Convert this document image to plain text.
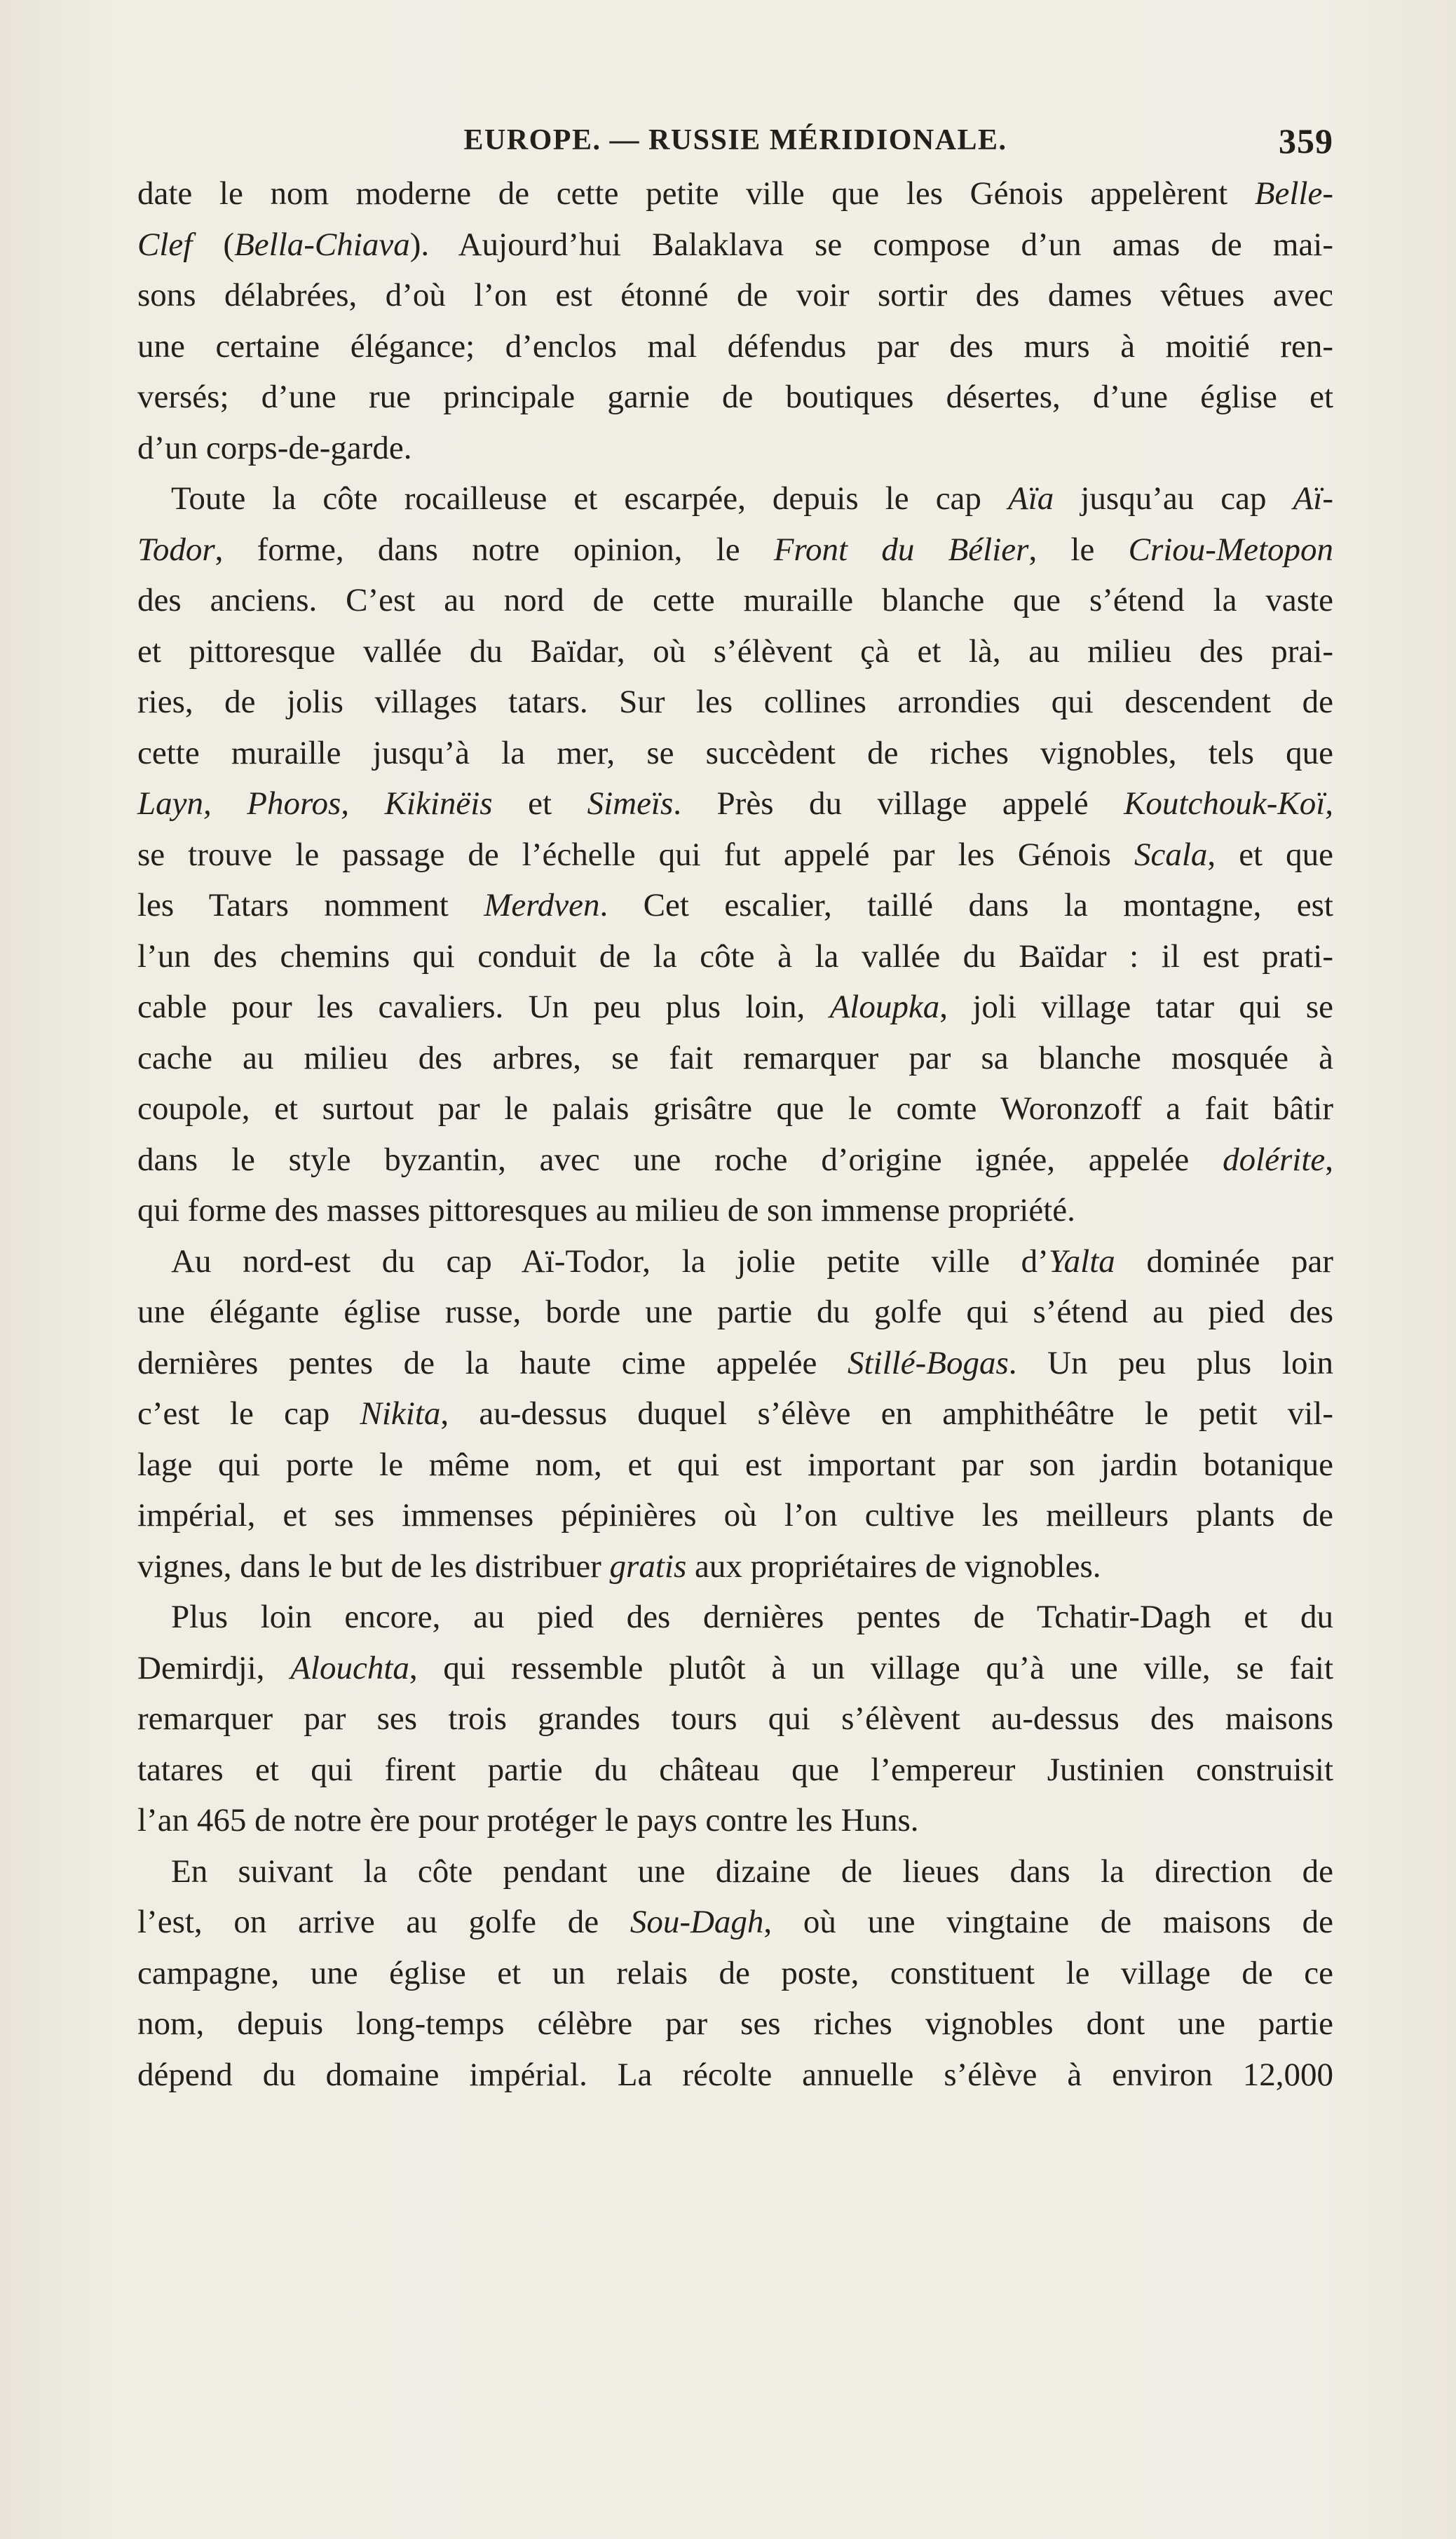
EUROPE. — RUSSIE MÉRIDIONALE.	359
date le nom moderne de cette petite ville que les Génois appelèrent Belle-
Clef (Bella-Chiava). Aujourd’hui Balaklava se compose d’un amas de mai-
sons délabrées, d’où l’on est étonné de voir sortir des dames vêtues avec
une certaine élégance; d’enclos mal défendus par des murs à moitié ren-
versés; d’une rue principale garnie de boutiques désertes, d’une église et
d’un corps-de-garde.
Toute la côte rocailleuse et escarpée, depuis le cap Aïa jusqu’au cap Aï-
Todor, forme, dans notre opinion, le Front du Bélier, le Criou-Metopon
des anciens. C’est au nord de cette muraille blanche que s’étend la vaste
et pittoresque vallée du Baïdar, où s’élèvent çà et là, au milieu des prai-
ries, de jolis villages tatars. Sur les collines arrondies qui descendent de
cette muraille jusqu’à la mer, se succèdent de riches vignobles, tels que
Layn, Phoros, Kikinëis et Simeïs. Près du village appelé Koutchouk-Koï,
se trouve le passage de l’échelle qui fut appelé par les Génois Scala, et que
les Tatars nomment Merdven. Cet escalier, taillé dans la montagne, est
l’un des chemins qui conduit de la côte à la vallée du Baïdar : il est prati-
cable pour les cavaliers. Un peu plus loin, Aloupka, joli village tatar qui se
cache au milieu des arbres, se fait remarquer par sa blanche mosquée à
coupole, et surtout par le palais grisâtre que le comte Woronzoff a fait bâtir
dans le style byzantin, avec une roche d’origine ignée, appelée dolérite,
qui forme des masses pittoresques au milieu de son immense propriété.
Au nord-est du cap Aï-Todor, la jolie petite ville d’Yalta dominée par
une élégante église russe, borde une partie du golfe qui s’étend au pied des
dernières pentes de la haute cime appelée Stillé-Bogas. Un peu plus loin
c’est le cap Nikita, au-dessus duquel s’élève en amphithéâtre le petit vil-
lage qui porte le même nom, et qui est important par son jardin botanique
impérial, et ses immenses pépinières où l’on cultive les meilleurs plants de
vignes, dans le but de les distribuer gratis aux propriétaires de vignobles.
Plus loin encore, au pied des dernières pentes de Tchatir-Dagh et du
Demirdji, Alouchta, qui ressemble plutôt à un village qu’à une ville, se fait
remarquer par ses trois grandes tours qui s’élèvent au-dessus des maisons
tatares et qui firent partie du château que l’empereur Justinien construisit
l’an 465 de notre ère pour protéger le pays contre les Huns.
En suivant la côte pendant une dizaine de lieues dans la direction de
l’est, on arrive au golfe de Sou-Dagh, où une vingtaine de maisons de
campagne, une église et un relais de poste, constituent le village de ce
nom, depuis long-temps célèbre par ses riches vignobles dont une partie
dépend du domaine impérial. La récolte annuelle s’élève à environ 12,000
